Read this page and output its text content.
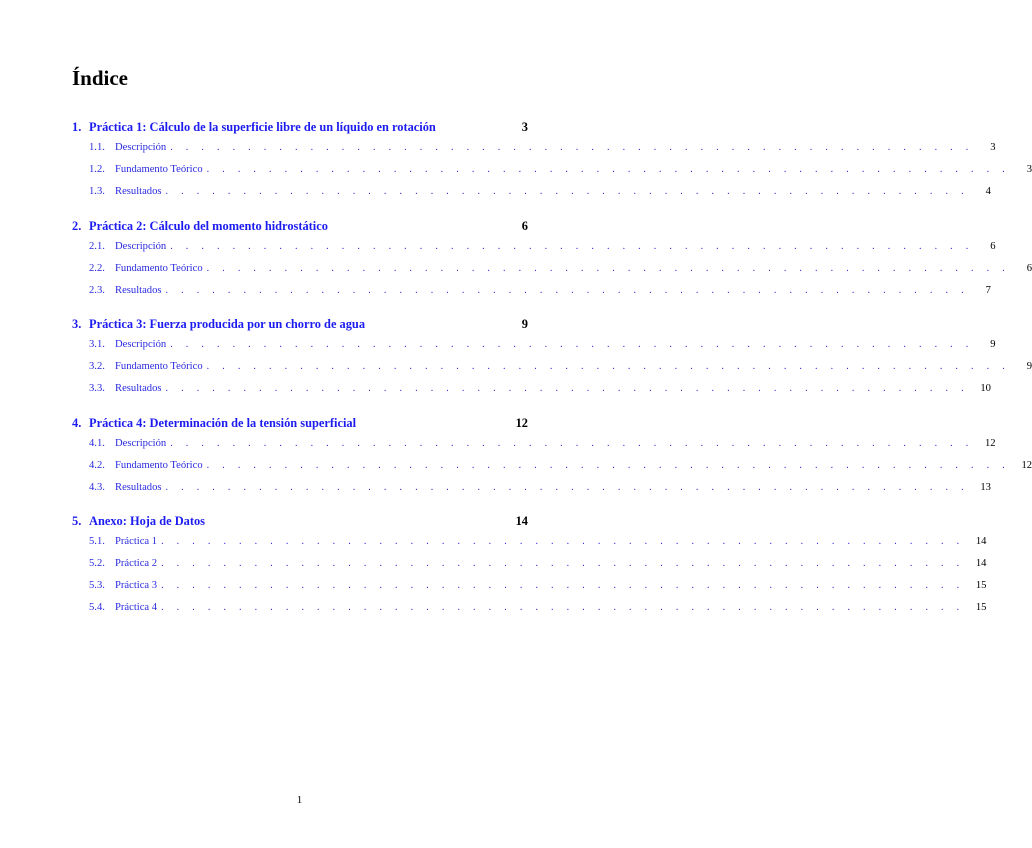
Índice
1. Práctica 1: Cálculo de la superficie libre de un líquido en rotación	3
1.1. Descripción . . . . . . . . . . . . . . . . . . . . . . . . . . . . . . . . . . . . . . . . . . . . . . . . . . . .	3
1.2. Fundamento Teórico . . . . . . . . . . . . . . . . . . . . . . . . . . . . . . . . . . . . . . . . . . . . . . . . . . . .	3
1.3. Resultados . . . . . . . . . . . . . . . . . . . . . . . . . . . . . . . . . . . . . . . . . . . . . . . . . . . .	4
2. Práctica 2: Cálculo del momento hidrostático	6
2.1. Descripción . . . . . . . . . . . . . . . . . . . . . . . . . . . . . . . . . . . . . . . . . . . . . . . . . . . .	6
2.2. Fundamento Teórico . . . . . . . . . . . . . . . . . . . . . . . . . . . . . . . . . . . . . . . . . . . . . . . . . . . .	6
2.3. Resultados . . . . . . . . . . . . . . . . . . . . . . . . . . . . . . . . . . . . . . . . . . . . . . . . . . . .	7
3. Práctica 3: Fuerza producida por un chorro de agua	9
3.1. Descripción . . . . . . . . . . . . . . . . . . . . . . . . . . . . . . . . . . . . . . . . . . . . . . . . . . . .	9
3.2. Fundamento Teórico . . . . . . . . . . . . . . . . . . . . . . . . . . . . . . . . . . . . . . . . . . . . . . . . . . . .	9
3.3. Resultados . . . . . . . . . . . . . . . . . . . . . . . . . . . . . . . . . . . . . . . . . . . . . . . . . . . .	10
4. Práctica 4: Determinación de la tensión superficial	12
4.1. Descripción . . . . . . . . . . . . . . . . . . . . . . . . . . . . . . . . . . . . . . . . . . . . . . . . . . . .	12
4.2. Fundamento Teórico . . . . . . . . . . . . . . . . . . . . . . . . . . . . . . . . . . . . . . . . . . . . . . . . . . . .	12
4.3. Resultados . . . . . . . . . . . . . . . . . . . . . . . . . . . . . . . . . . . . . . . . . . . . . . . . . . . .	13
5. Anexo: Hoja de Datos	14
5.1. Práctica 1 . . . . . . . . . . . . . . . . . . . . . . . . . . . . . . . . . . . . . . . . . . . . . . . . . . . .	14
5.2. Práctica 2 . . . . . . . . . . . . . . . . . . . . . . . . . . . . . . . . . . . . . . . . . . . . . . . . . . . .	14
5.3. Práctica 3 . . . . . . . . . . . . . . . . . . . . . . . . . . . . . . . . . . . . . . . . . . . . . . . . . . . .	15
5.4. Práctica 4 . . . . . . . . . . . . . . . . . . . . . . . . . . . . . . . . . . . . . . . . . . . . . . . . . . . .	15
1
